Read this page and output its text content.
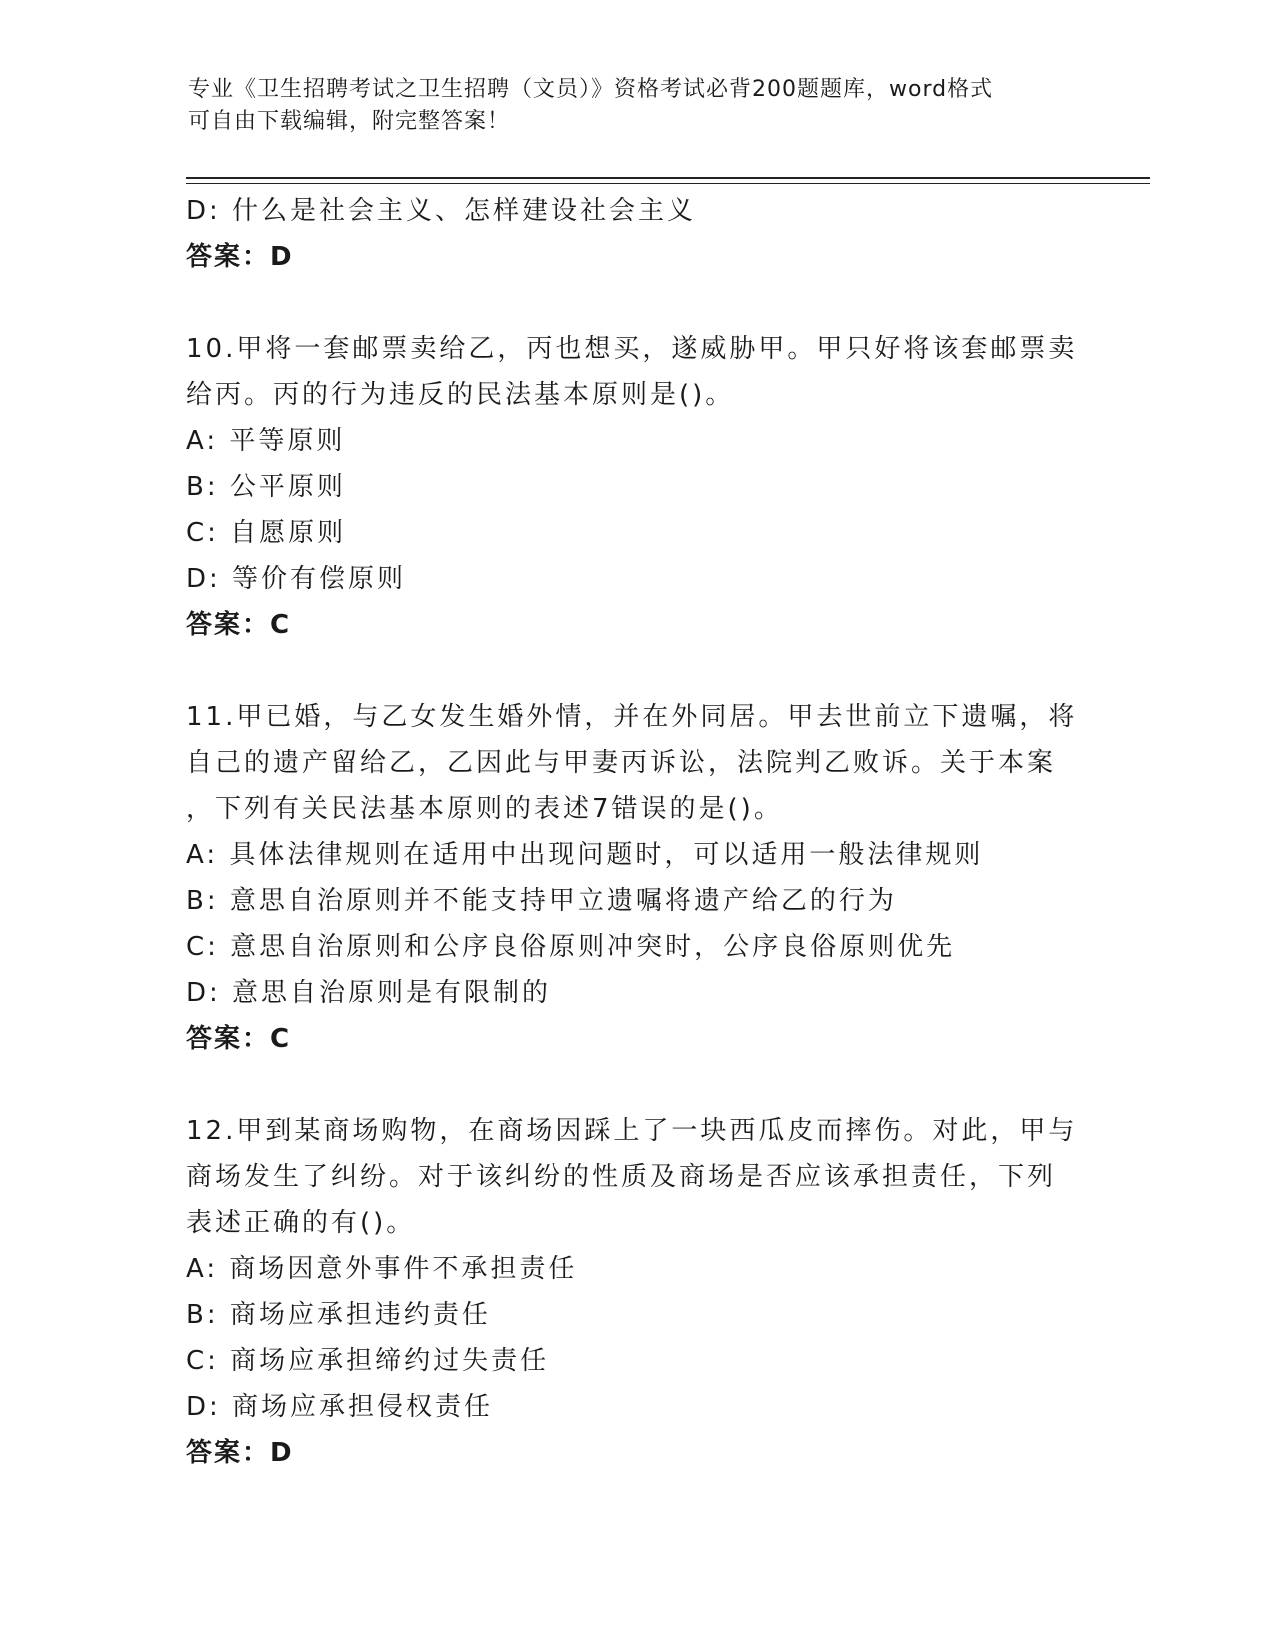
专业《卫生招聘考试之卫生招聘（文员）》资格考试必背200题题库，word格式
可自由下载编辑，附完整答案！
D: 什么是社会主义、怎样建设社会主义
答案：D
10.甲将一套邮票卖给乙，丙也想买，遂威胁甲。甲只好将该套邮票卖
给丙。丙的行为违反的民法基本原则是()。
A: 平等原则
B: 公平原则
C: 自愿原则
D: 等价有偿原则
答案：C
11.甲已婚，与乙女发生婚外情，并在外同居。甲去世前立下遗嘱，将
自己的遗产留给乙，乙因此与甲妻丙诉讼，法院判乙败诉。关于本案
，下列有关民法基本原则的表述7错误的是()。
A: 具体法律规则在适用中出现问题时，可以适用一般法律规则
B: 意思自治原则并不能支持甲立遗嘱将遗产给乙的行为
C: 意思自治原则和公序良俗原则冲突时，公序良俗原则优先
D: 意思自治原则是有限制的
答案：C
12.甲到某商场购物，在商场因踩上了一块西瓜皮而摔伤。对此，甲与
商场发生了纠纷。对于该纠纷的性质及商场是否应该承担责任，下列
表述正确的有()。
A: 商场因意外事件不承担责任
B: 商场应承担违约责任
C: 商场应承担缔约过失责任
D: 商场应承担侵权责任
答案：D
